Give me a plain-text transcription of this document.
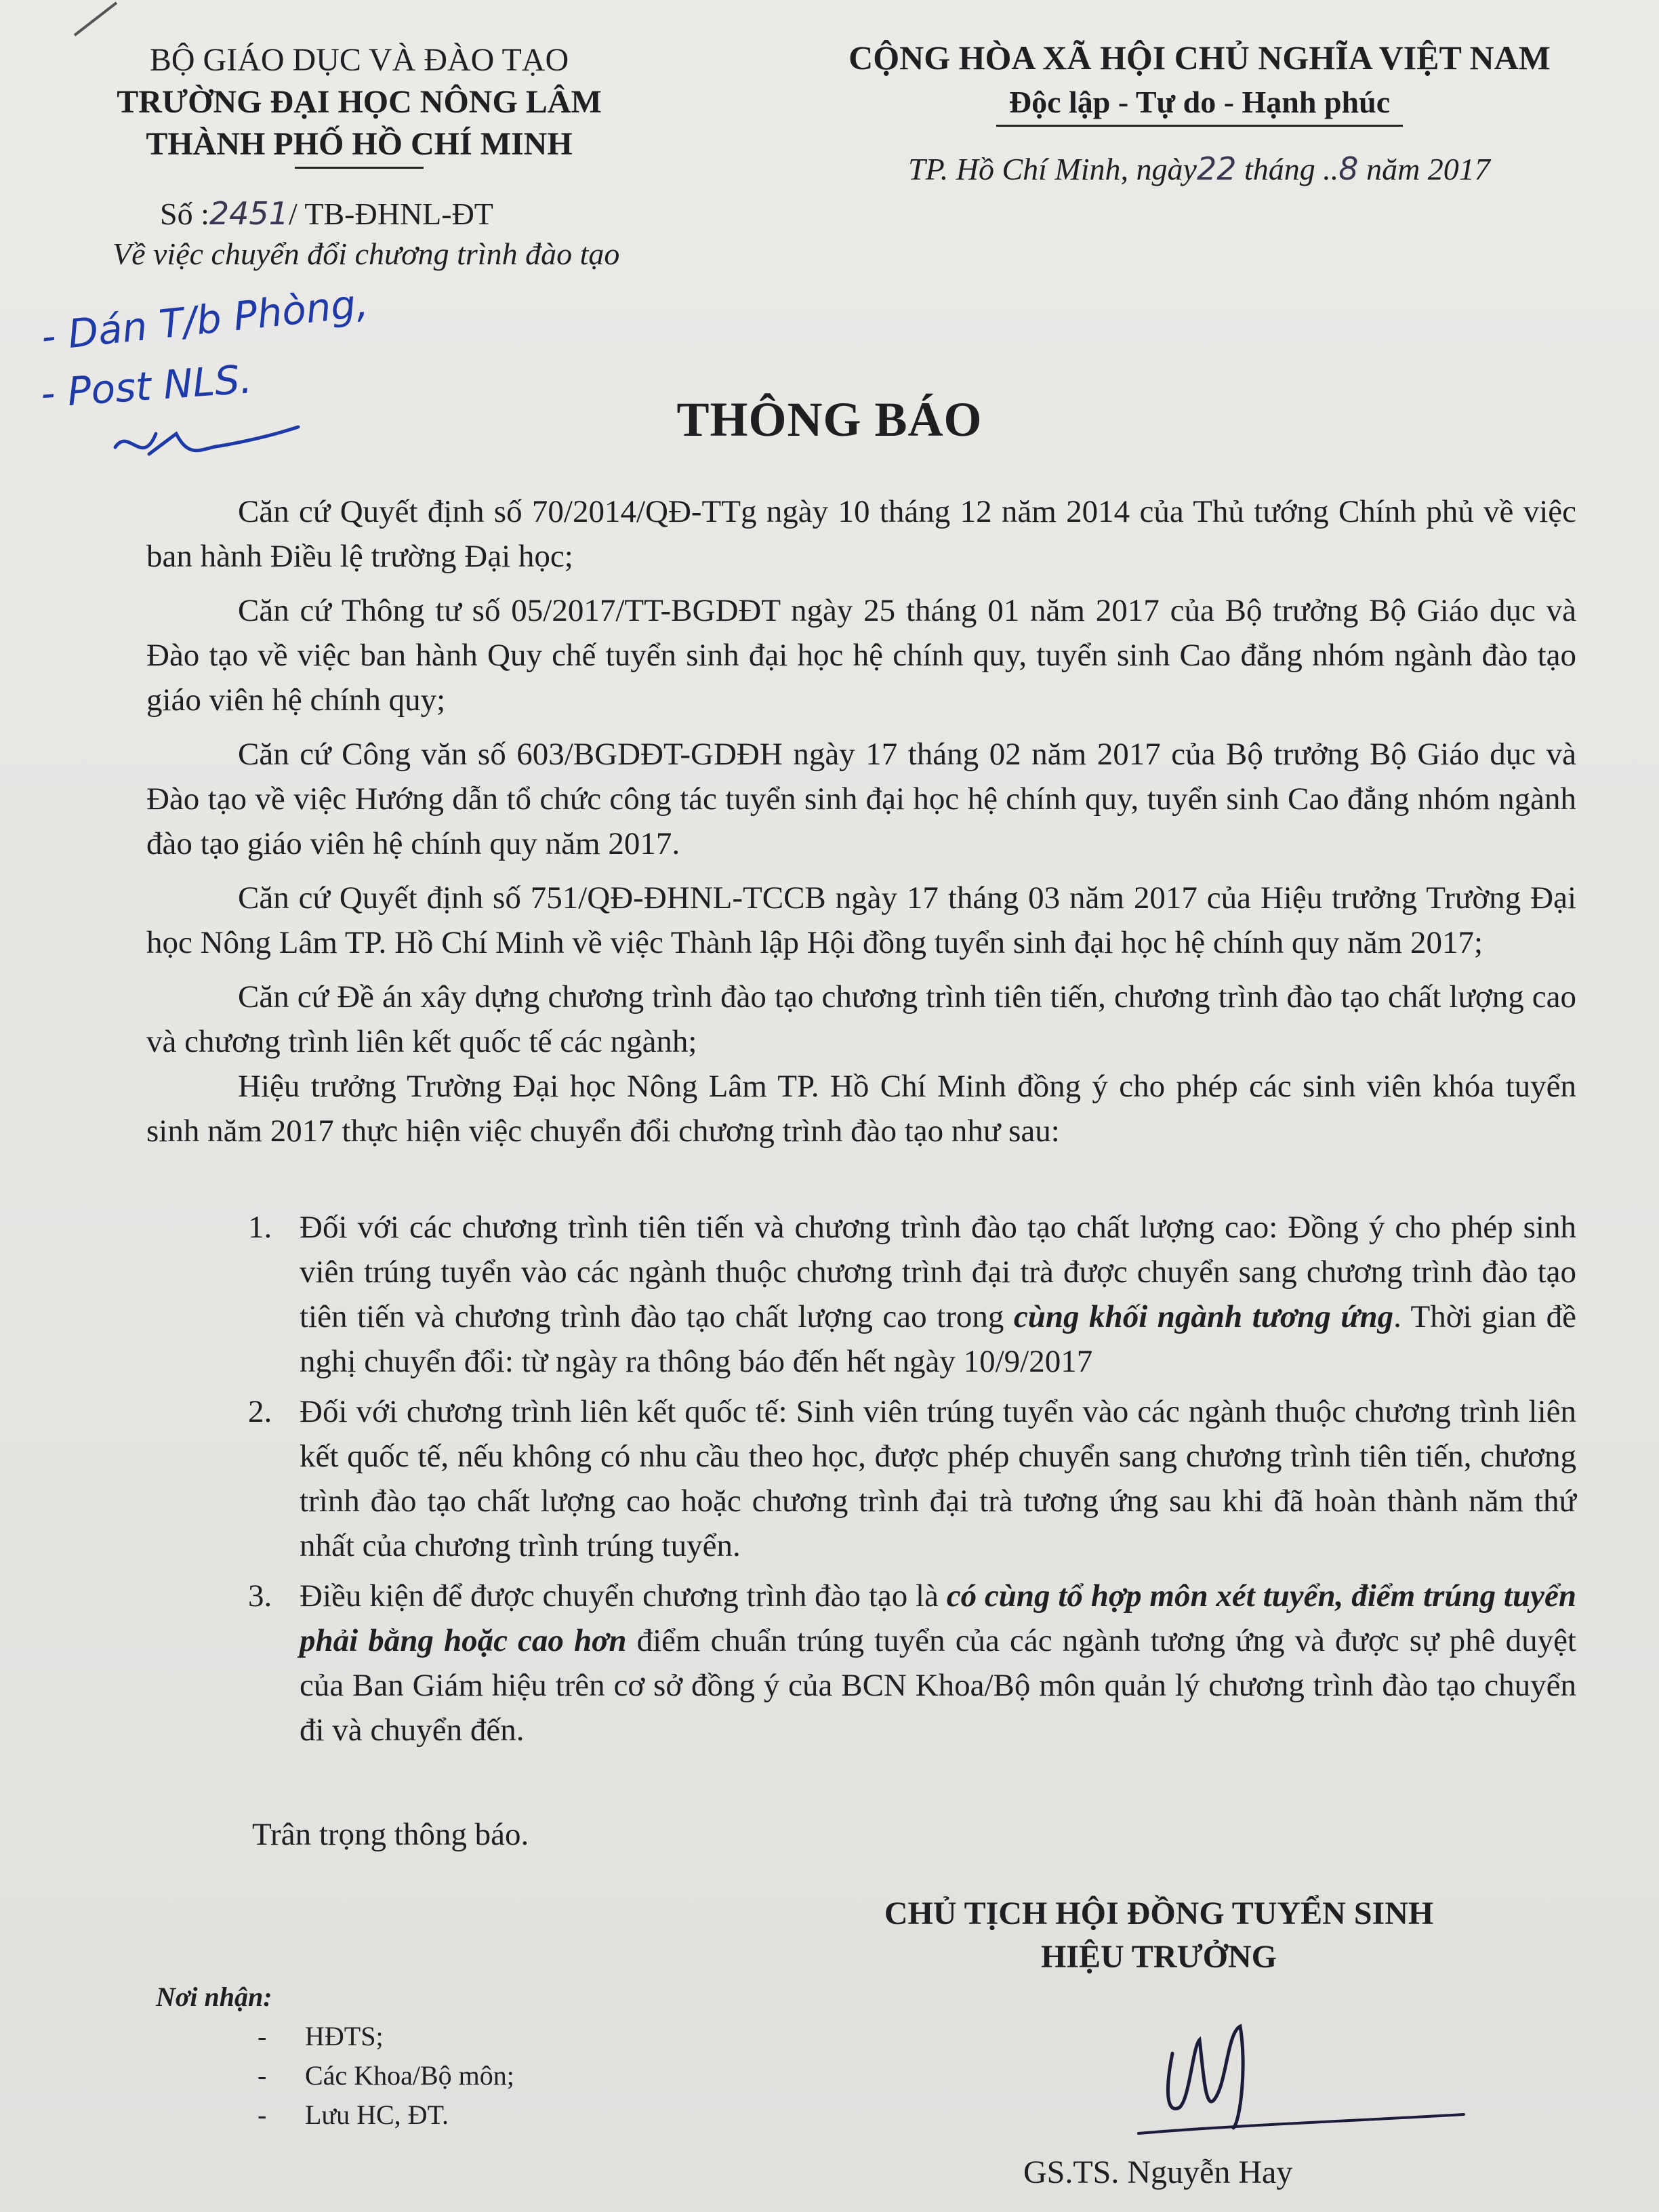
BỘ GIÁO DỤC VÀ ĐÀO TẠO
TRƯỜNG ĐẠI HỌC NÔNG LÂM
THÀNH PHỐ HỒ CHÍ MINH
CỘNG HÒA XÃ HỘI CHỦ NGHĨA VIỆT NAM
Độc lập - Tự do - Hạnh phúc
TP. Hồ Chí Minh, ngày22 tháng ..8 năm 2017
Số :2451/ TB-ĐHNL-ĐT
Về việc chuyển đổi chương trình đào tạo
- Dán T/b Phòng,
- Post NLS.
THÔNG BÁO

Căn cứ Quyết định số 70/2014/QĐ-TTg ngày 10 tháng 12 năm 2014 của Thủ tướng Chính phủ về việc ban hành Điều lệ trường Đại học;

Căn cứ Thông tư số 05/2017/TT-BGDĐT ngày 25 tháng 01 năm 2017 của Bộ trưởng Bộ Giáo dục và Đào tạo về việc ban hành Quy chế tuyển sinh đại học hệ chính quy, tuyển sinh Cao đẳng nhóm ngành đào tạo giáo viên hệ chính quy;

Căn cứ Công văn số 603/BGDĐT-GDĐH ngày 17 tháng 02 năm 2017 của Bộ trưởng Bộ Giáo dục và Đào tạo về việc Hướng dẫn tổ chức công tác tuyển sinh đại học hệ chính quy, tuyển sinh Cao đẳng nhóm ngành đào tạo giáo viên hệ chính quy năm 2017.

Căn cứ Quyết định số 751/QĐ-ĐHNL-TCCB ngày 17 tháng 03 năm 2017 của Hiệu trưởng Trường Đại học Nông Lâm TP. Hồ Chí Minh về việc Thành lập Hội đồng tuyển sinh đại học hệ chính quy năm 2017;

Căn cứ Đề án xây dựng chương trình đào tạo chương trình tiên tiến, chương trình đào tạo chất lượng cao và chương trình liên kết quốc tế các ngành;

Hiệu trưởng Trường Đại học Nông Lâm TP. Hồ Chí Minh đồng ý cho phép các sinh viên khóa tuyển sinh năm 2017 thực hiện việc chuyển đổi chương trình đào tạo như sau:

1. Đối với các chương trình tiên tiến và chương trình đào tạo chất lượng cao: Đồng ý cho phép sinh viên trúng tuyển vào các ngành thuộc chương trình đại trà được chuyển sang chương trình đào tạo tiên tiến và chương trình đào tạo chất lượng cao trong cùng khối ngành tương ứng. Thời gian đề nghị chuyển đổi: từ ngày ra thông báo đến hết ngày 10/9/2017
2. Đối với chương trình liên kết quốc tế: Sinh viên trúng tuyển vào các ngành thuộc chương trình liên kết quốc tế, nếu không có nhu cầu theo học, được phép chuyển sang chương trình tiên tiến, chương trình đào tạo chất lượng cao hoặc chương trình đại trà tương ứng sau khi đã hoàn thành năm thứ nhất của chương trình trúng tuyển.
3. Điều kiện để được chuyển chương trình đào tạo là có cùng tổ hợp môn xét tuyển, điểm trúng tuyển phải bằng hoặc cao hơn điểm chuẩn trúng tuyển của các ngành tương ứng và được sự phê duyệt của Ban Giám hiệu trên cơ sở đồng ý của BCN Khoa/Bộ môn quản lý chương trình đào tạo chuyển đi và chuyển đến.
Trân trọng thông báo.
CHỦ TỊCH HỘI ĐỒNG TUYỂN SINH
HIỆU TRƯỞNG
GS.TS. Nguyễn Hay
Nơi nhận:
- HĐTS;
- Các Khoa/Bộ môn;
- Lưu HC, ĐT.
